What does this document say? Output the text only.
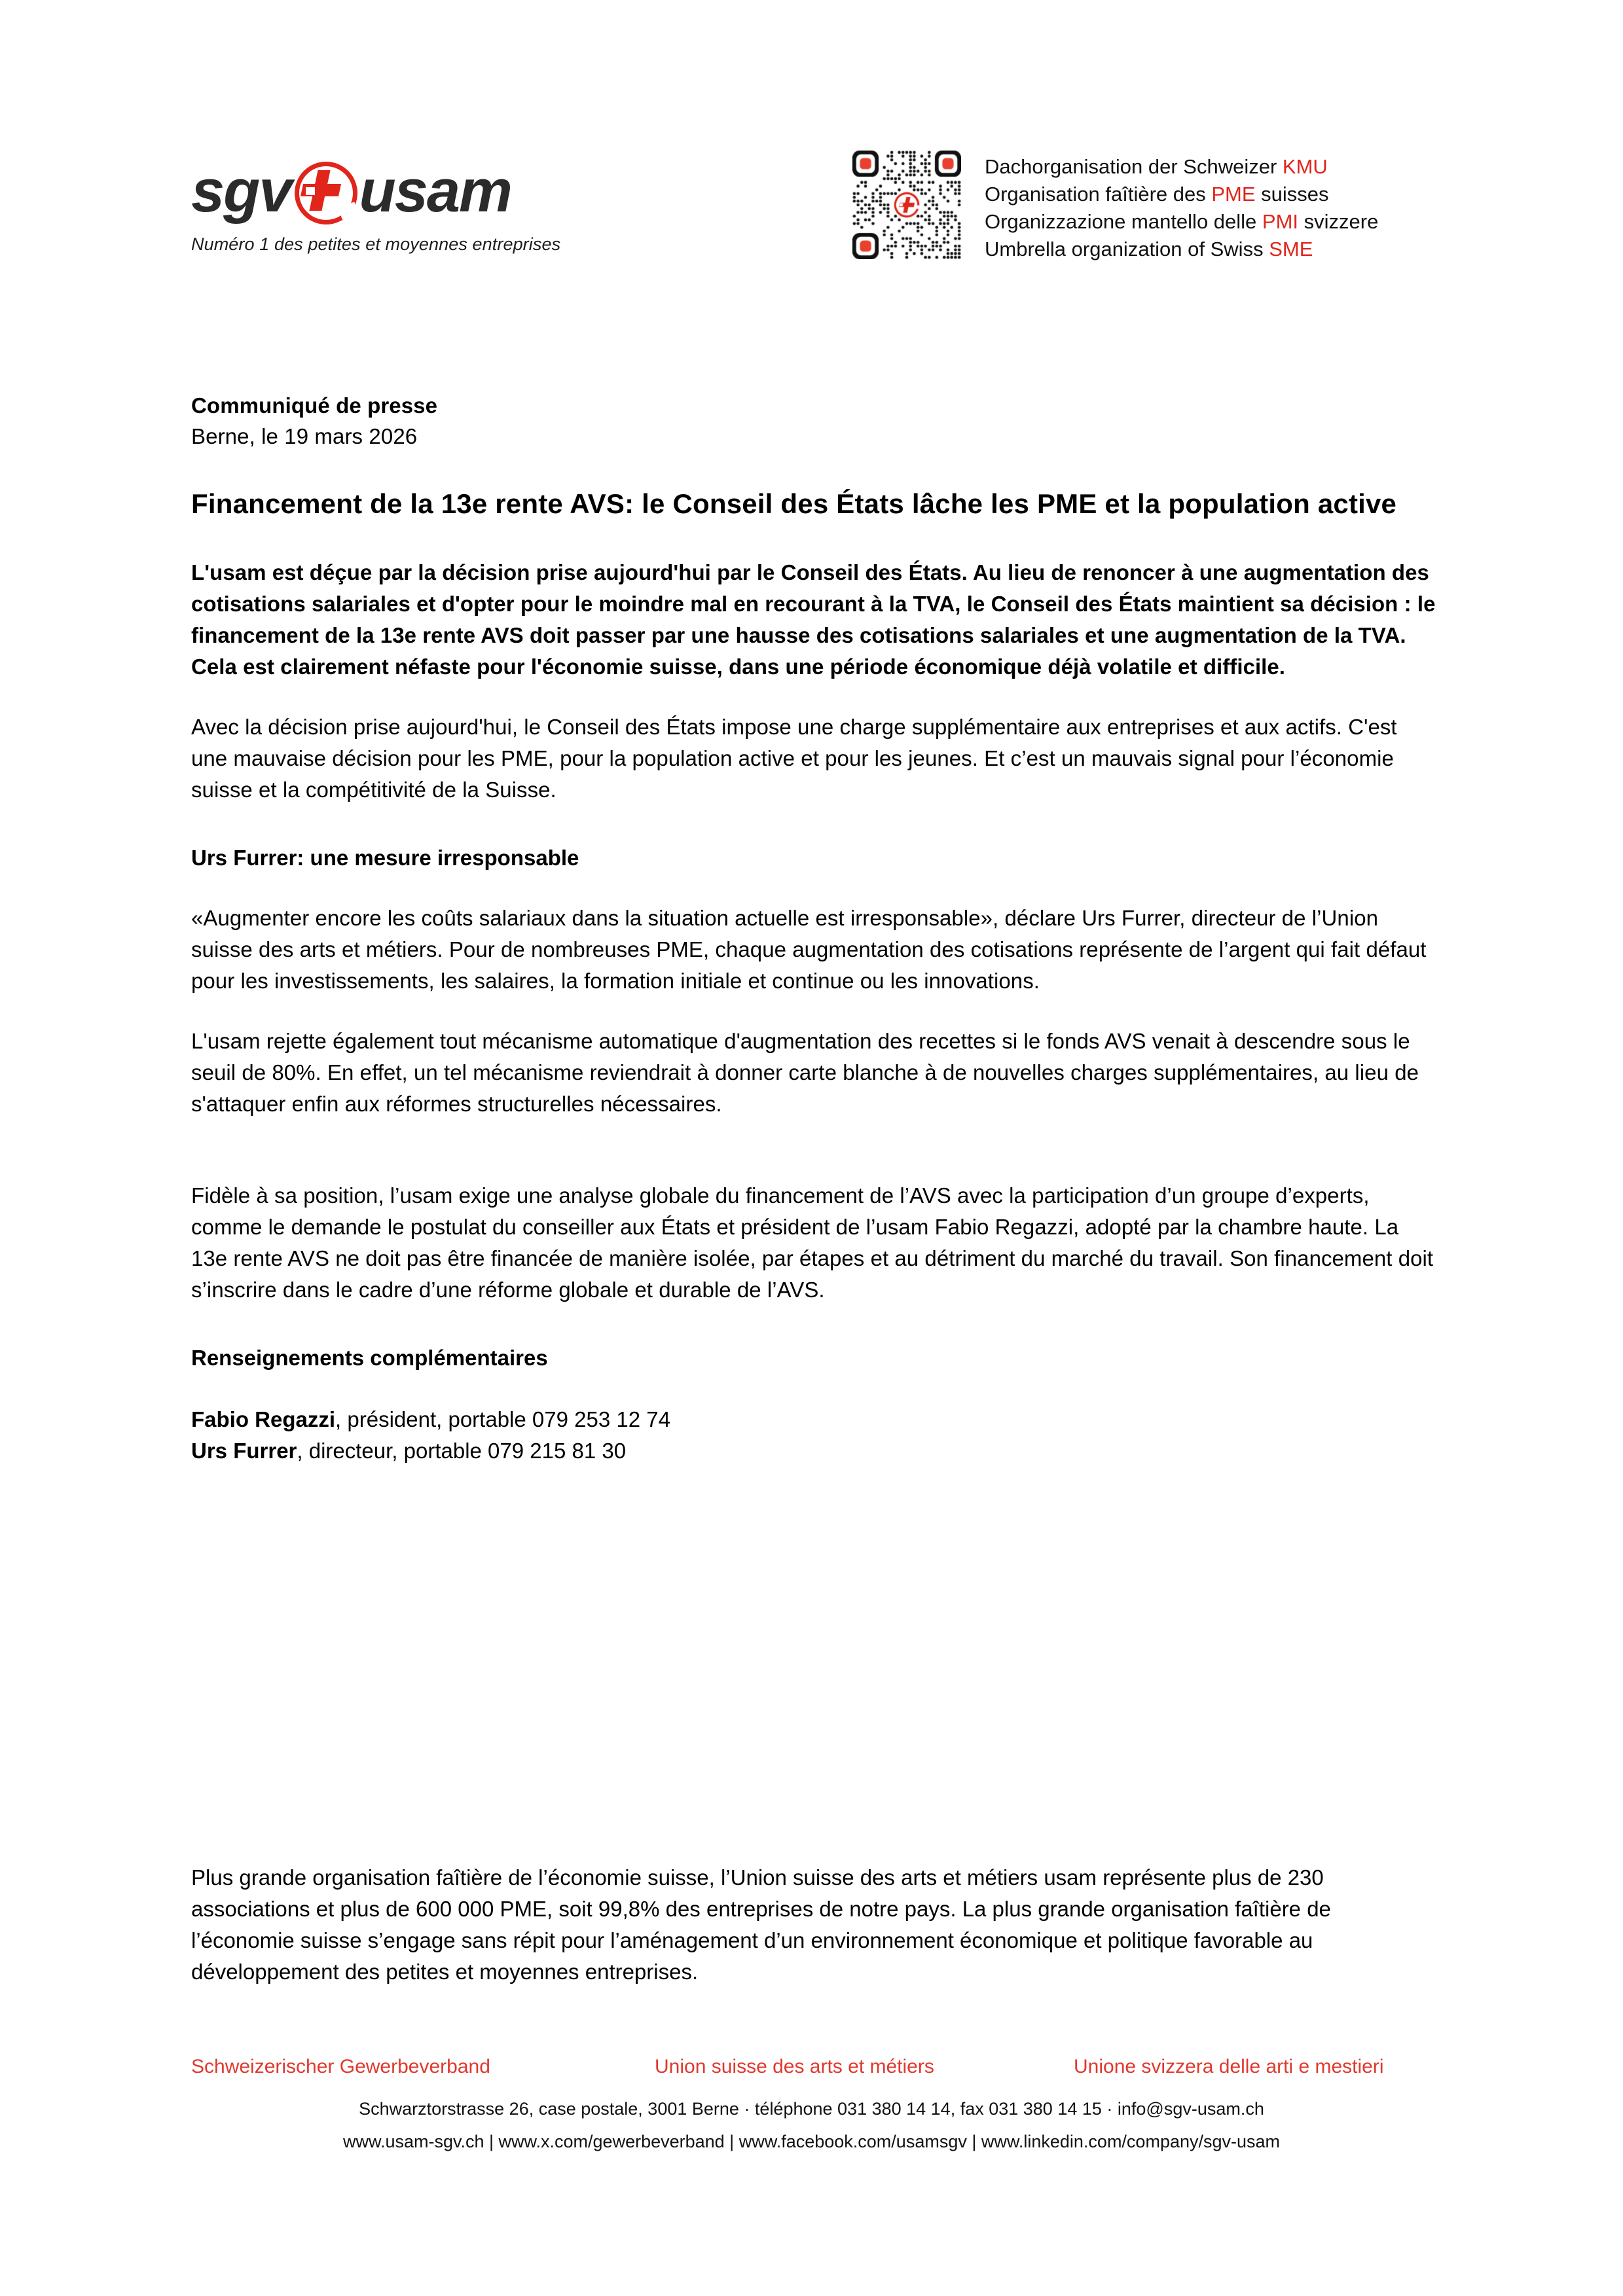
sgv usam
Numéro 1 des petites et moyennes entreprises
Dachorganisation der Schweizer KMU
Organisation faîtière des PME suisses
Organizzazione mantello delle PMI svizzere
Umbrella organization of Swiss SME
Communiqué de presse
Berne, le 19 mars 2026
Financement de la 13e rente AVS: le Conseil des États lâche les PME et la population active

L'usam est déçue par la décision prise aujourd'hui par le Conseil des États. Au lieu de renoncer à une augmentation des cotisations salariales et d'opter pour le moindre mal en recourant à la TVA, le Conseil des États maintient sa décision : le financement de la 13e rente AVS doit passer par une hausse des cotisations salariales et une augmentation de la TVA. Cela est clairement néfaste pour l'économie suisse, dans une période économique déjà volatile et difficile.

Avec la décision prise aujourd'hui, le Conseil des États impose une charge supplémentaire aux entreprises et aux actifs. C'est une mauvaise décision pour les PME, pour la population active et pour les jeunes. Et c’est un mauvais signal pour l’économie suisse et la compétitivité de la Suisse.

Urs Furrer: une mesure irresponsable

«Augmenter encore les coûts salariaux dans la situation actuelle est irresponsable», déclare Urs Furrer, directeur de l’Union suisse des arts et métiers. Pour de nombreuses PME, chaque augmentation des cotisations représente de l’argent qui fait défaut pour les investissements, les salaires, la formation initiale et continue ou les innovations.

L'usam rejette également tout mécanisme automatique d'augmentation des recettes si le fonds AVS venait à descendre sous le seuil de 80%. En effet, un tel mécanisme reviendrait à donner carte blanche à de nouvelles charges supplémentaires, au lieu de s'attaquer enfin aux réformes structurelles nécessaires.

Fidèle à sa position, l’usam exige une analyse globale du financement de l’AVS avec la participation d’un groupe d’experts, comme le demande le postulat du conseiller aux États et président de l’usam Fabio Regazzi, adopté par la chambre haute. La 13e rente AVS ne doit pas être financée de manière isolée, par étapes et au détriment du marché du travail. Son financement doit s’inscrire dans le cadre d’une réforme globale et durable de l’AVS.

Renseignements complémentaires
Fabio Regazzi, président, portable 079 253 12 74
Urs Furrer, directeur, portable 079 215 81 30

Plus grande organisation faîtière de l’économie suisse, l’Union suisse des arts et métiers usam représente plus de 230 associations et plus de 600 000 PME, soit 99,8% des entreprises de notre pays. La plus grande organisation faîtière de l’économie suisse s’engage sans répit pour l’aménagement d’un environnement économique et politique favorable au développement des petites et moyennes entreprises.

Schweizerischer Gewerbeverband	Union suisse des arts et métiers	Unione svizzera delle arti e mestieri
Schwarztorstrasse 26, case postale, 3001 Berne · téléphone 031 380 14 14, fax 031 380 14 15 · info@sgv-usam.ch
www.usam-sgv.ch | www.x.com/gewerbeverband | www.facebook.com/usamsgv | www.linkedin.com/company/sgv-usam
